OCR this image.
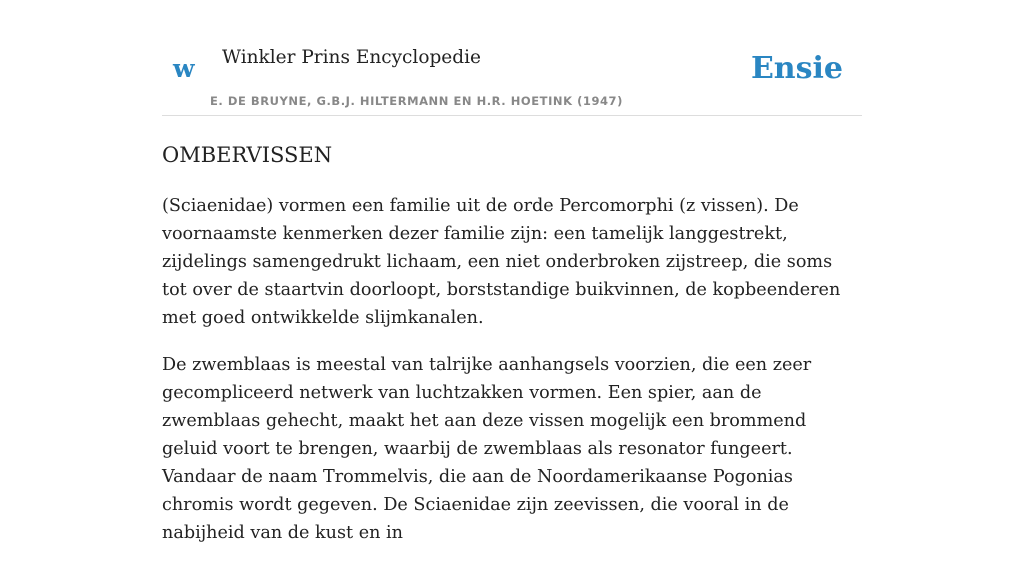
w Winkler Prins Encyclopedie
E. DE BRUYNE, G.B.J. HILTERMANN EN H.R. HOETINK (1947)
Ensie
OMBERVISSEN

(Sciaenidae) vormen een familie uit de orde Percomorphi (z vissen). De voornaamste kenmerken dezer familie zijn: een tamelijk langgestrekt, zijdelings samengedrukt lichaam, een niet onderbroken zijstreep, die soms tot over de staartvin doorloopt, borststandige buikvinnen, de kopbeenderen met goed ontwikkelde slijmkanalen.

De zwemblaas is meestal van talrijke aanhangsels voorzien, die een zeer gecompliceerd netwerk van luchtzakken vormen. Een spier, aan de zwemblaas gehecht, maakt het aan deze vissen mogelijk een brommend geluid voort te brengen, waarbij de zwemblaas als resonator fungeert. Vandaar de naam Trommelvis, die aan de Noordamerikaanse Pogonias chromis wordt gegeven. De Sciaenidae zijn zeevissen, die vooral in de nabijheid van de kust en in
